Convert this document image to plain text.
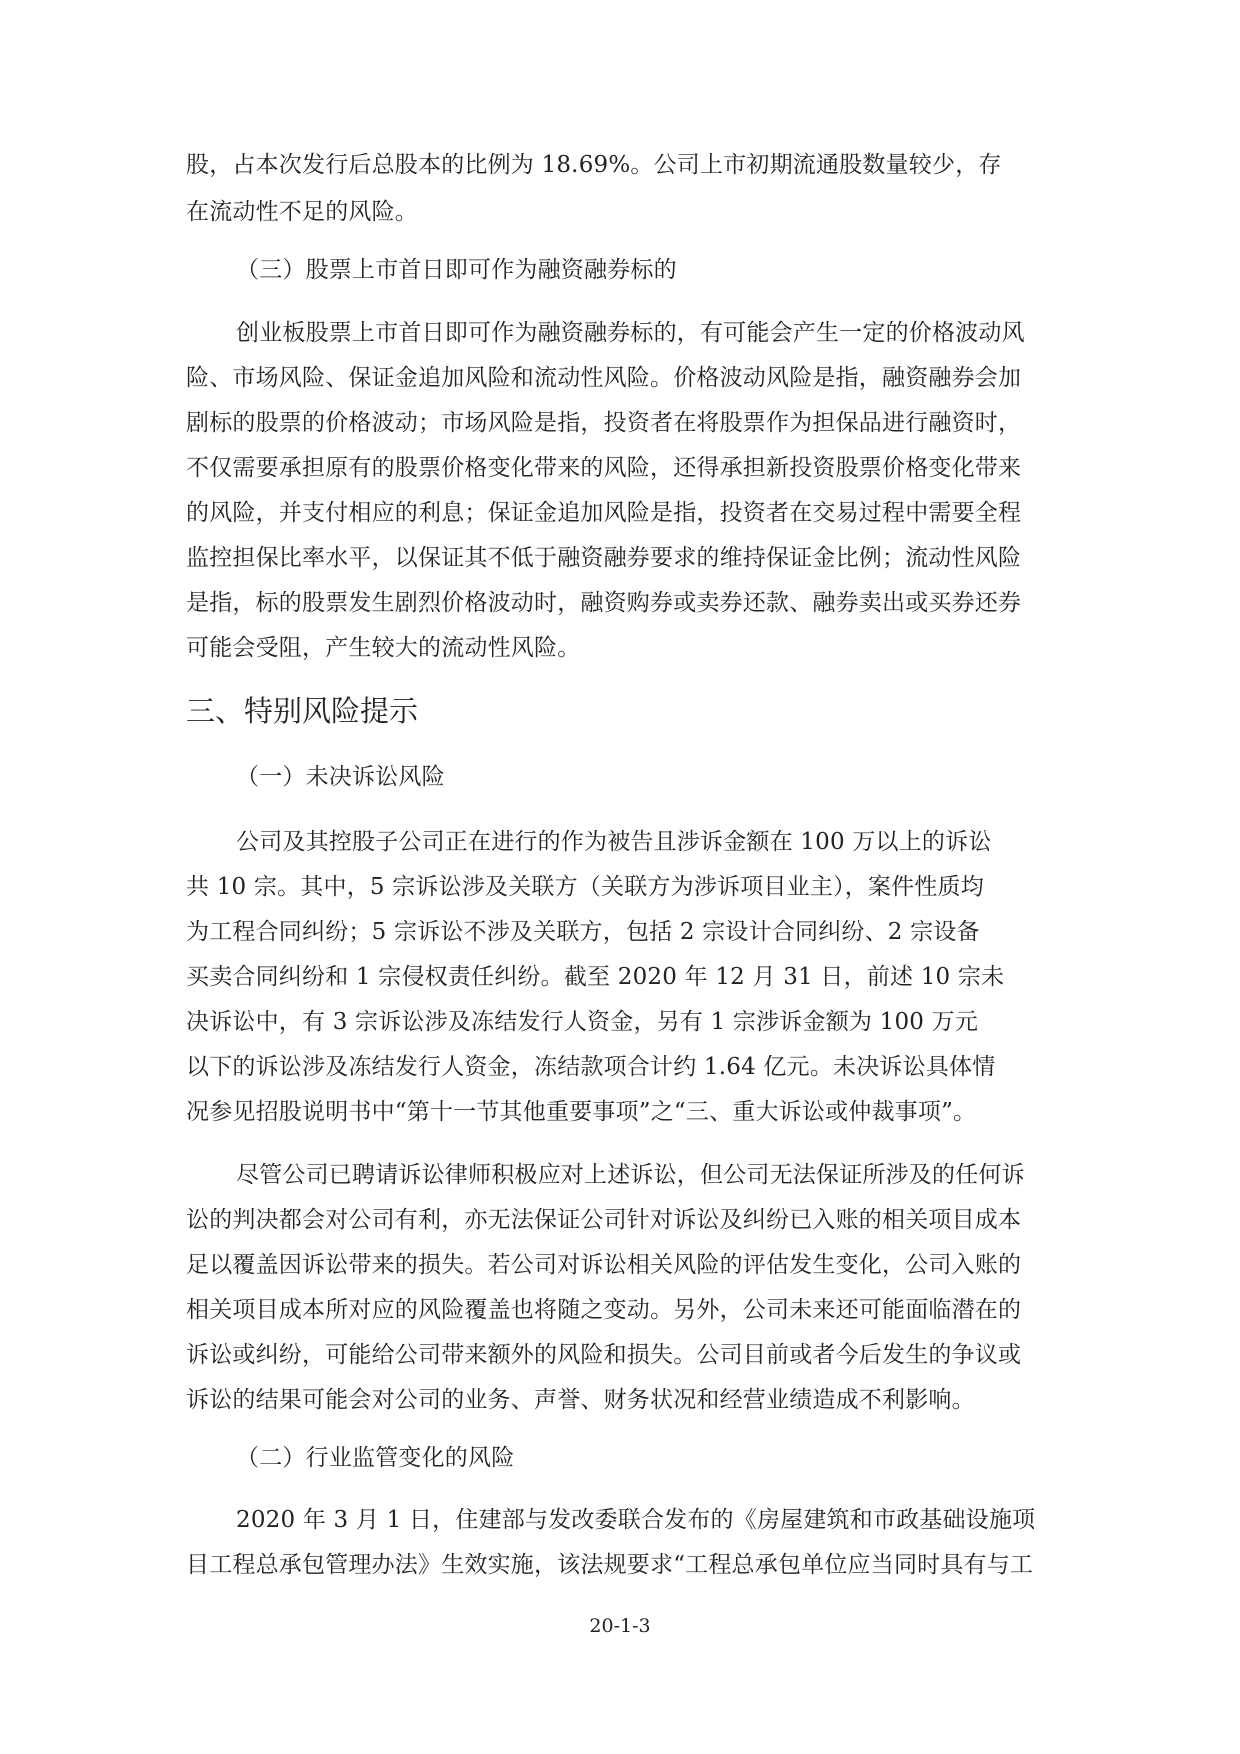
股，占本次发行后总股本的比例为 18.69%。公司上市初期流通股数量较少，存
在流动性不足的风险。
（三）股票上市首日即可作为融资融券标的
创业板股票上市首日即可作为融资融券标的，有可能会产生一定的价格波动风
险、市场风险、保证金追加风险和流动性风险。价格波动风险是指，融资融券会加
剧标的股票的价格波动；市场风险是指，投资者在将股票作为担保品进行融资时，
不仅需要承担原有的股票价格变化带来的风险，还得承担新投资股票价格变化带来
的风险，并支付相应的利息；保证金追加风险是指，投资者在交易过程中需要全程
监控担保比率水平，以保证其不低于融资融券要求的维持保证金比例；流动性风险
是指，标的股票发生剧烈价格波动时，融资购券或卖券还款、融券卖出或买券还券
可能会受阻，产生较大的流动性风险。
三、特别风险提示
（一）未决诉讼风险
公司及其控股子公司正在进行的作为被告且涉诉金额在 100 万以上的诉讼
共 10 宗。其中，5 宗诉讼涉及关联方（关联方为涉诉项目业主），案件性质均
为工程合同纠纷；5 宗诉讼不涉及关联方，包括 2 宗设计合同纠纷、2 宗设备
买卖合同纠纷和 1 宗侵权责任纠纷。截至 2020 年 12 月 31 日，前述 10 宗未
决诉讼中，有 3 宗诉讼涉及冻结发行人资金，另有 1 宗涉诉金额为 100 万元
以下的诉讼涉及冻结发行人资金，冻结款项合计约 1.64 亿元。未决诉讼具体情
况参见招股说明书中“第十一节其他重要事项”之“三、重大诉讼或仲裁事项”。
尽管公司已聘请诉讼律师积极应对上述诉讼，但公司无法保证所涉及的任何诉
讼的判决都会对公司有利，亦无法保证公司针对诉讼及纠纷已入账的相关项目成本
足以覆盖因诉讼带来的损失。若公司对诉讼相关风险的评估发生变化，公司入账的
相关项目成本所对应的风险覆盖也将随之变动。另外，公司未来还可能面临潜在的
诉讼或纠纷，可能给公司带来额外的风险和损失。公司目前或者今后发生的争议或
诉讼的结果可能会对公司的业务、声誉、财务状况和经营业绩造成不利影响。
（二）行业监管变化的风险
2020 年 3 月 1 日，住建部与发改委联合发布的《房屋建筑和市政基础设施项
目工程总承包管理办法》生效实施，该法规要求“工程总承包单位应当同时具有与工
20-1-3
